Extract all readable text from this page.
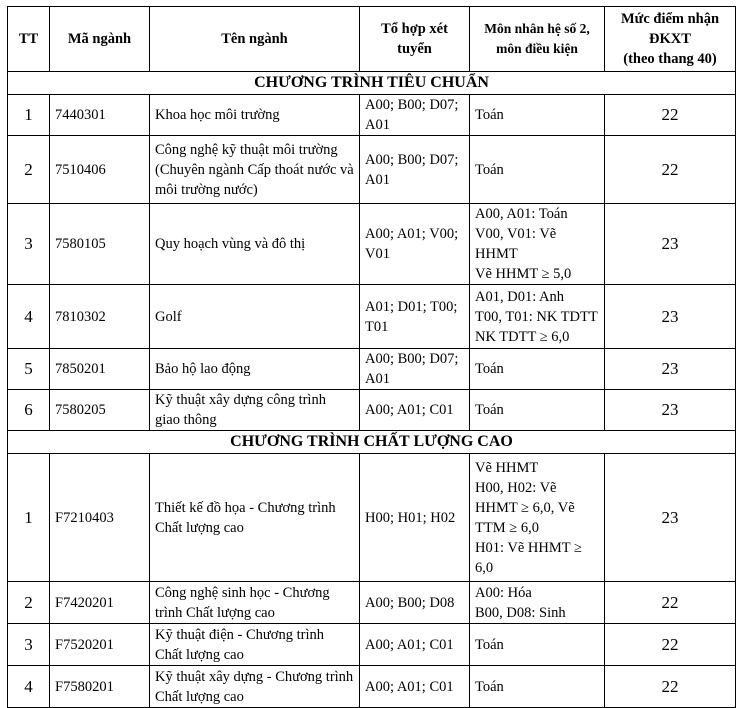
TT	Mã ngành	Tên ngành	Tổ hợp xét tuyển	Môn nhân hệ số 2, môn điều kiện	Mức điểm nhận ĐKXT
(theo thang 40)

CHƯƠNG TRÌNH TIÊU CHUẨN					
1	7440301	Khoa học môi trường	A00; B00; D07; A01	Toán	22
2	7510406	Công nghệ kỹ thuật môi trường (Chuyên ngành Cấp thoát nước và môi trường nước)	A00; B00; D07; A01	Toán	22
3	7580105	Quy hoạch vùng và đô thị	A00; A01; V00; V01	A00, A01: Toán
V00, V01: Vẽ HHMT
Vẽ HHMT ≥ 5,0	23
4	7810302	Golf	A01; D01; T00; T01	A01, D01: Anh
T00, T01: NK TDTT
NK TDTT ≥ 6,0	23
5	7850201	Bảo hộ lao động	A00; B00; D07; A01	Toán	23
6	7580205	Kỹ thuật xây dựng công trình giao thông	A00; A01; C01	Toán	23
CHƯƠNG TRÌNH CHẤT LƯỢNG CAO					
1	F7210403	Thiết kế đồ họa - Chương trình Chất lượng cao	H00; H01; H02	Vẽ HHMT
H00, H02: Vẽ HHMT ≥ 6,0, Vẽ TTM ≥ 6,0
H01: Vẽ HHMT ≥ 6,0	23
2	F7420201	Công nghệ sinh học - Chương trình Chất lượng cao	A00; B00; D08	A00: Hóa
B00, D08: Sinh	22
3	F7520201	Kỹ thuật điện - Chương trình Chất lượng cao	A00; A01; C01	Toán	22
4	F7580201	Kỹ thuật xây dựng - Chương trình Chất lượng cao	A00; A01; C01	Toán	22
